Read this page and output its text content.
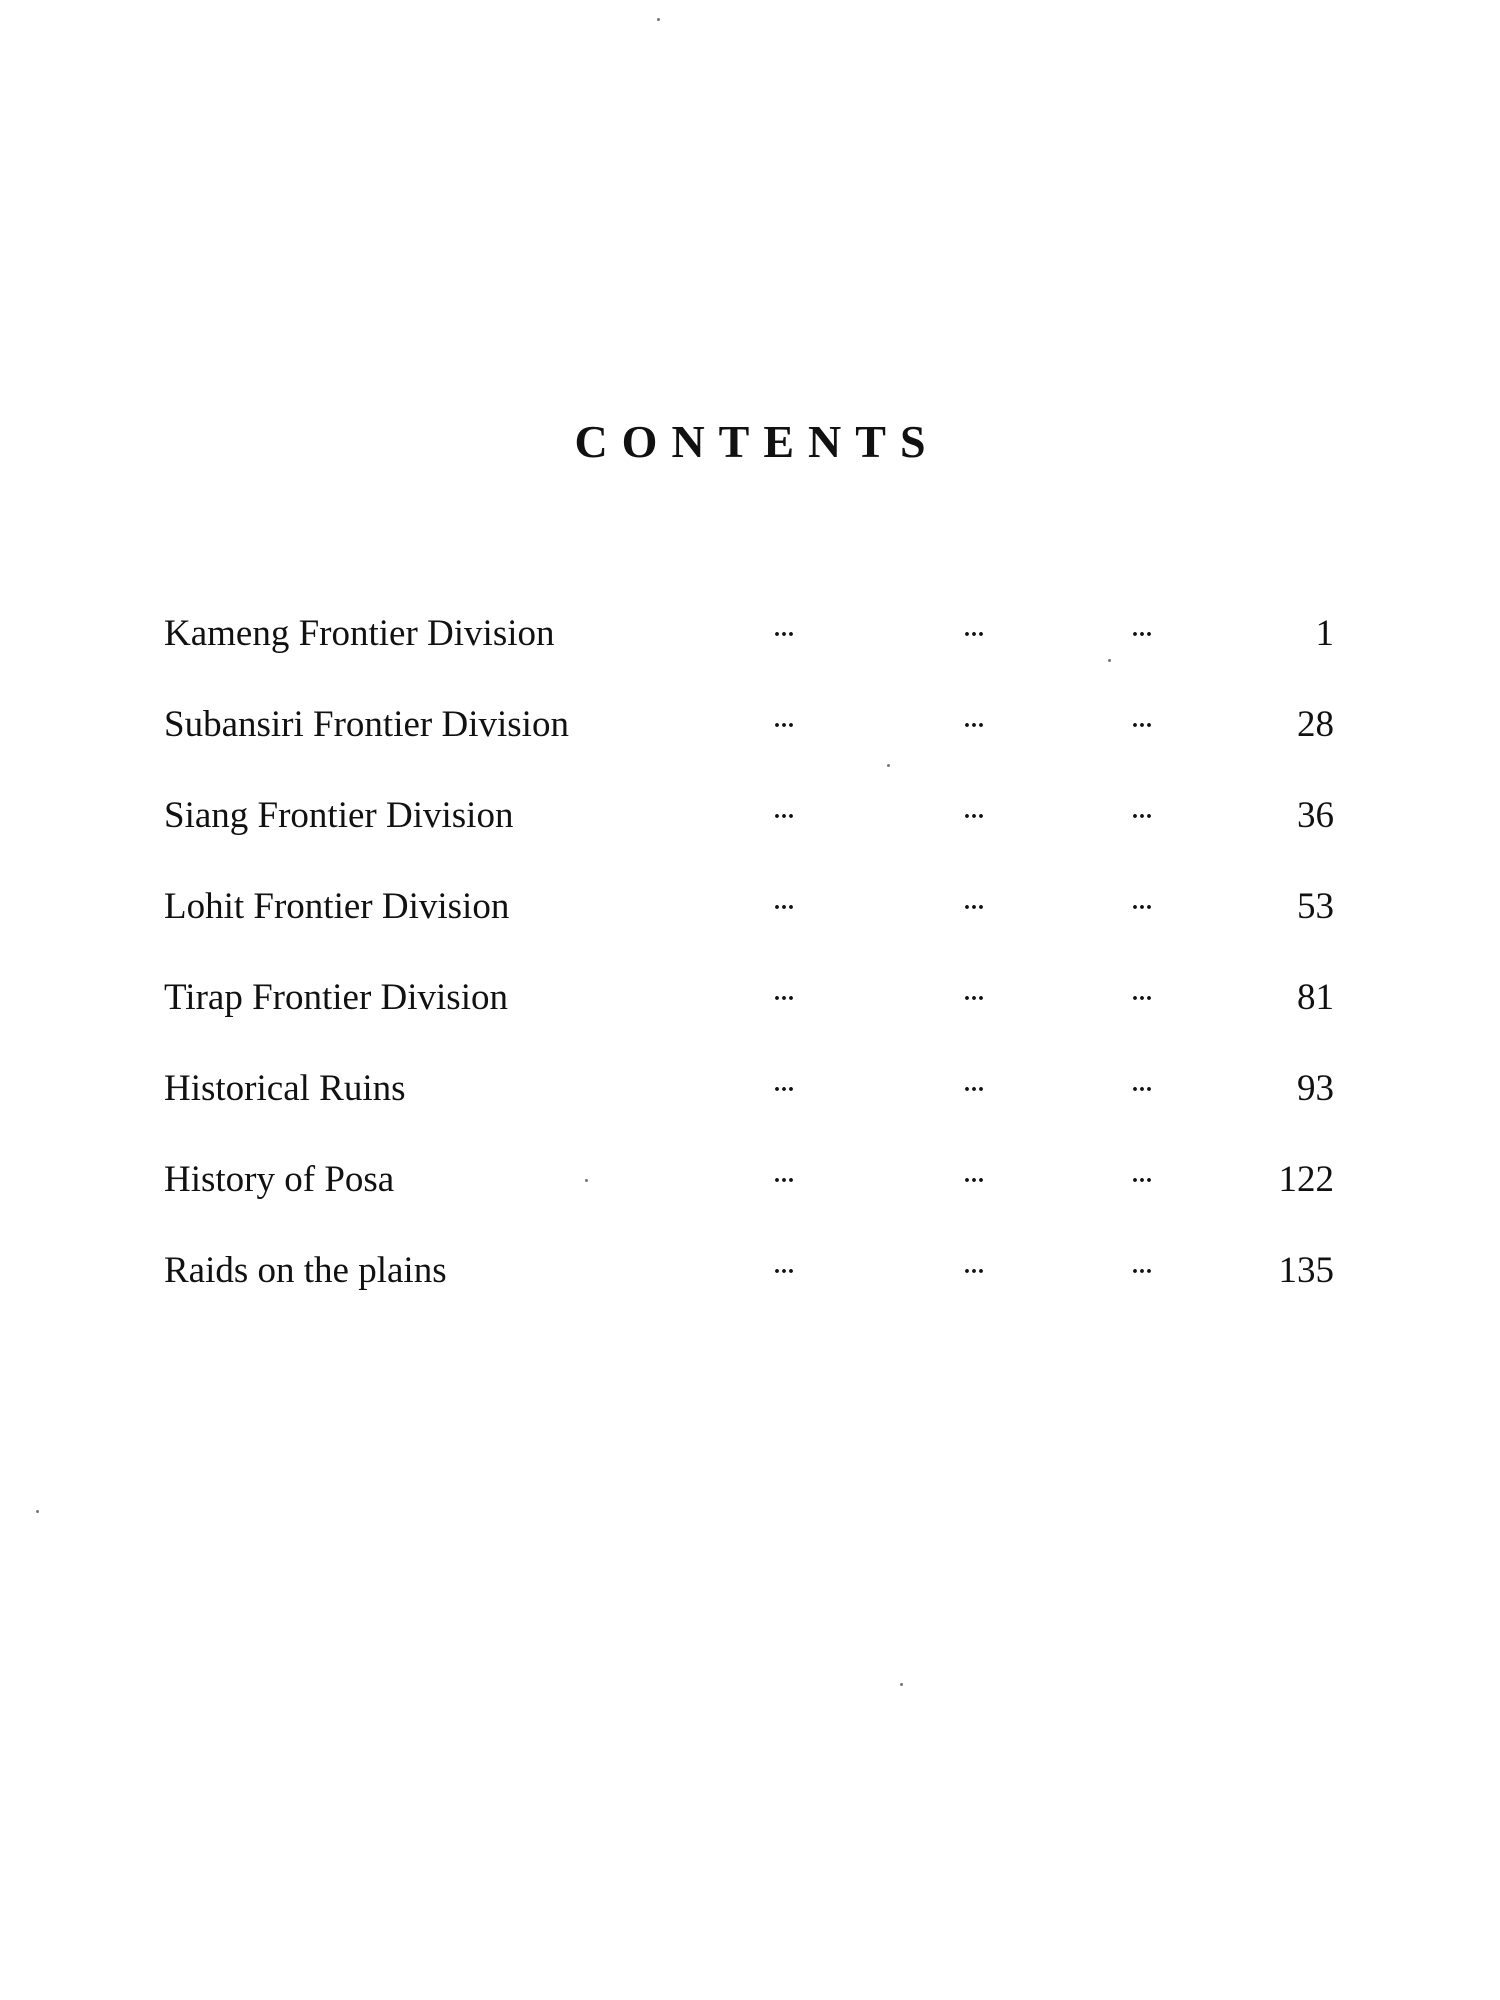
CONTENTS
Kameng Frontier Division	...	...	...	1
Subansiri Frontier Division	...	...	...	28
Siang Frontier Division	...	...	...	36
Lohit Frontier Division	...	...	...	53
Tirap Frontier Division	...	...	...	81
Historical Ruins	...	...	...	93
History of Posa	...	...	...	122
Raids on the plains	...	...	...	135
